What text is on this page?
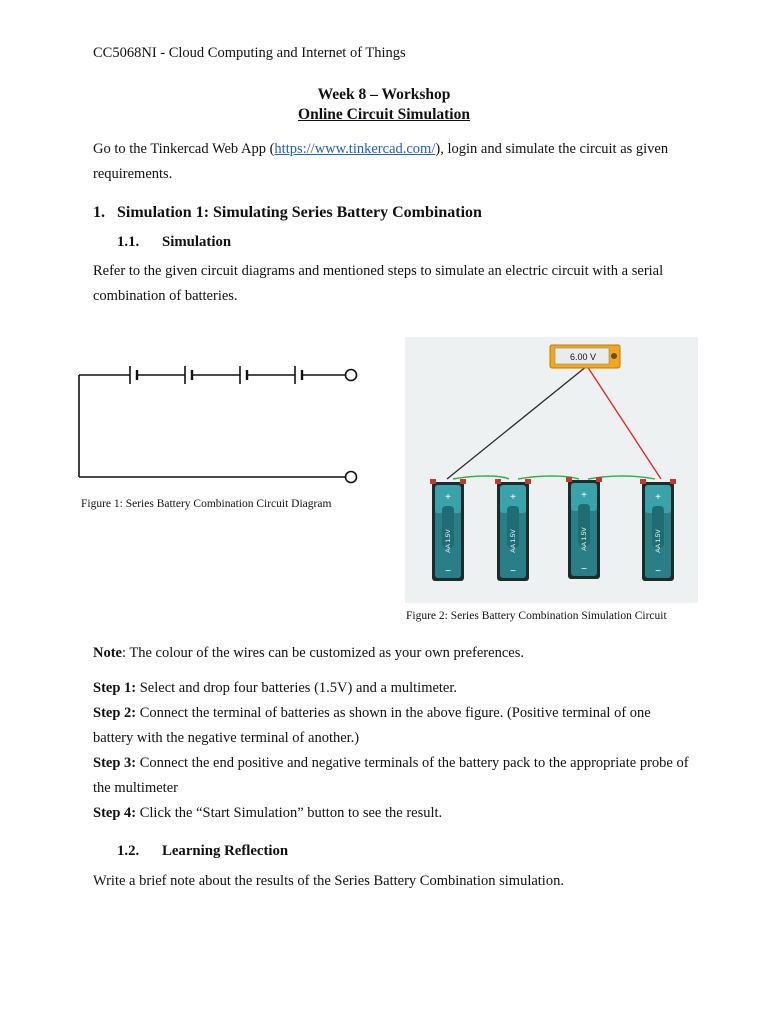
CC5068NI - Cloud Computing and Internet of Things
Week 8 – Workshop
Online Circuit Simulation
Go to the Tinkercad Web App (https://www.tinkercad.com/), login and simulate the circuit as given requirements.
1. Simulation 1: Simulating Series Battery Combination
1.1. Simulation
Refer to the given circuit diagrams and mentioned steps to simulate an electric circuit with a serial combination of batteries.
Figure 1: Series Battery Combination Circuit Diagram
6.00 V
+	+	+	+
−	−	−	−
AA 1.5V	AA 1.5V	AA 1.5V	AA 1.5V
Figure 2: Series Battery Combination Simulation Circuit
Note: The colour of the wires can be customized as your own preferences.
Step 1: Select and drop four batteries (1.5V) and a multimeter.
Step 2: Connect the terminal of batteries as shown in the above figure. (Positive terminal of one battery with the negative terminal of another.)
Step 3: Connect the end positive and negative terminals of the battery pack to the appropriate probe of the multimeter
Step 4: Click the “Start Simulation” button to see the result.
1.2. Learning Reflection
Write a brief note about the results of the Series Battery Combination simulation.
